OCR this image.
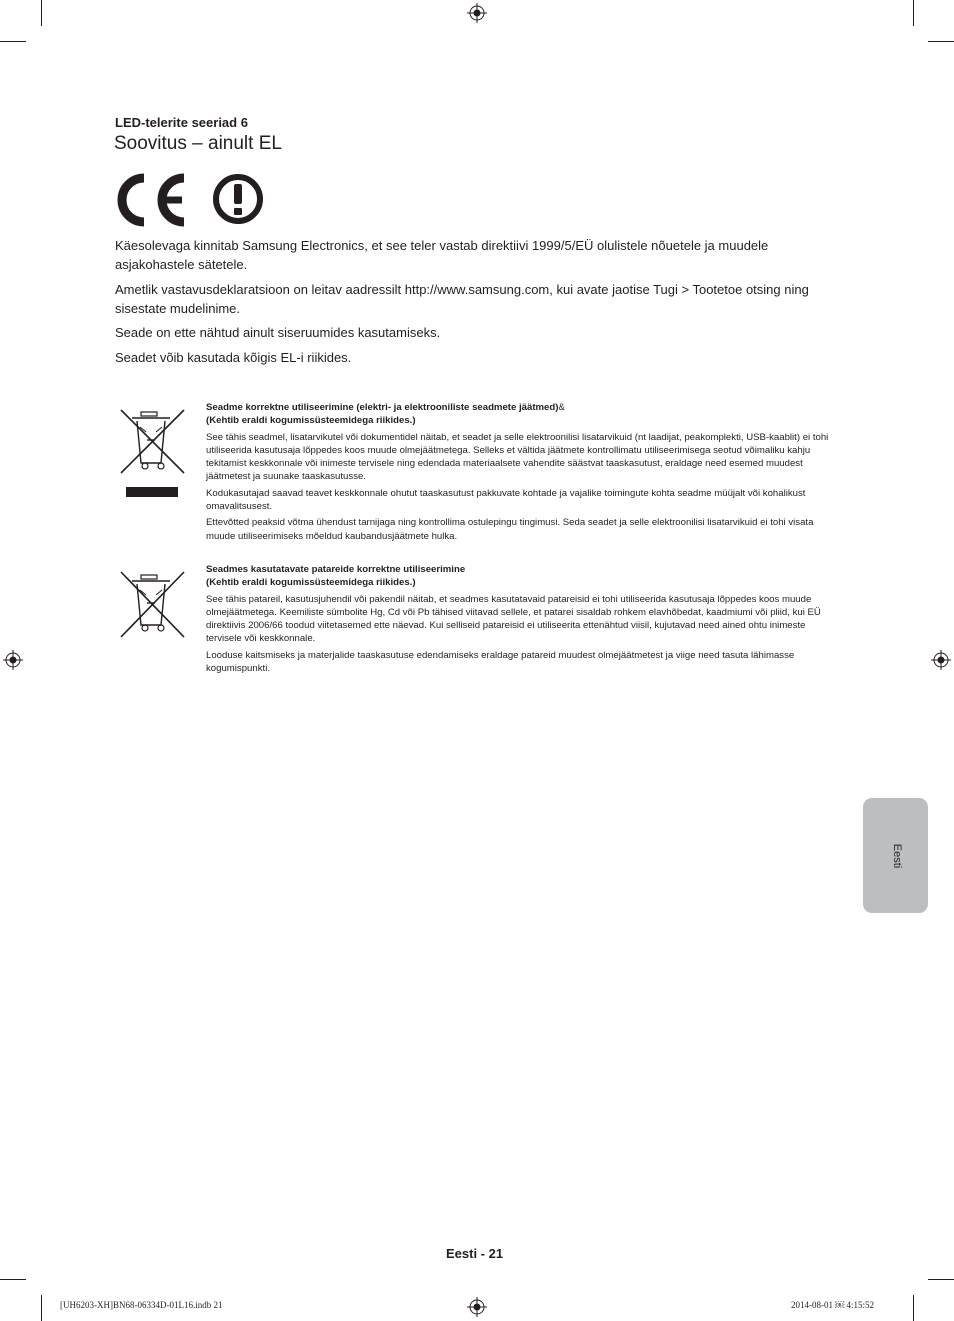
LED-telerite seeriad 6
Soovitus – ainult EL
Käesolevaga kinnitab Samsung Electronics, et see teler vastab direktiivi 1999/5/EÜ olulistele nõuetele ja muudele asjakohastele sätetele.
Ametlik vastavusdeklaratsioon on leitav aadressilt http://www.samsung.com, kui avate jaotise Tugi > Tootetoe otsing ning sisestate mudelinime.
Seade on ette nähtud ainult siseruumides kasutamiseks.
Seadet võib kasutada kõigis EL-i riikides.

Seadme korrektne utiliseerimine (elektri- ja elektrooniliste seadmete jäätmed)&
(Kehtib eraldi kogumissüsteemidega riikides.)

See tähis seadmel, lisatarvikutel või dokumentidel näitab, et seadet ja selle elektroonilisi lisatarvikuid (nt laadijat, peakomplekti, USB-kaablit) ei tohi utiliseerida kasutusaja lõppedes koos muude olmejäätmetega. Selleks et vältida jäätmete kontrollimatu utiliseerimisega seotud võimaliku kahju tekitamist keskkonnale või inimeste tervisele ning edendada materiaalsete vahendite säästvat taaskasutust, eraldage need esemed muudest jäätmetest ja suunake taaskasutusse.

Kodukasutajad saavad teavet keskkonnale ohutut taaskasutust pakkuvate kohtade ja vajalike toimingute kohta seadme müüjalt või kohalikust omavalitsusest.

Ettevõtted peaksid võtma ühendust tarnijaga ning kontrollima ostulepingu tingimusi. Seda seadet ja selle elektroonilisi lisatarvikuid ei tohi visata muude utiliseerimiseks mõeldud kaubandusjäätmete hulka.

Seadmes kasutatavate patareide korrektne utiliseerimine
(Kehtib eraldi kogumissüsteemidega riikides.)

See tähis patareil, kasutusjuhendil või pakendil näitab, et seadmes kasutatavaid patareisid ei tohi utiliseerida kasutusaja lõppedes koos muude olmejäätmetega. Keemiliste sümbolite Hg, Cd või Pb tähised viitavad sellele, et patarei sisaldab rohkem elavhõbedat, kaadmiumi või pliid, kui EÜ direktiivis 2006/66 toodud viitetasemed ette näevad. Kui selliseid patareisid ei utiliseerita ettenähtud viisil, kujutavad need ained ohtu inimeste tervisele või keskkonnale.

Looduse kaitsmiseks ja materjalide taaskasutuse edendamiseks eraldage patareid muudest olmejäätmetest ja viige need tasuta lähimasse kogumispunkti.

Eesti
Eesti - 21
[UH6203-XH]BN68-06334D-01L16.indb 21	2014-08-01 ￼ 4:15:52
